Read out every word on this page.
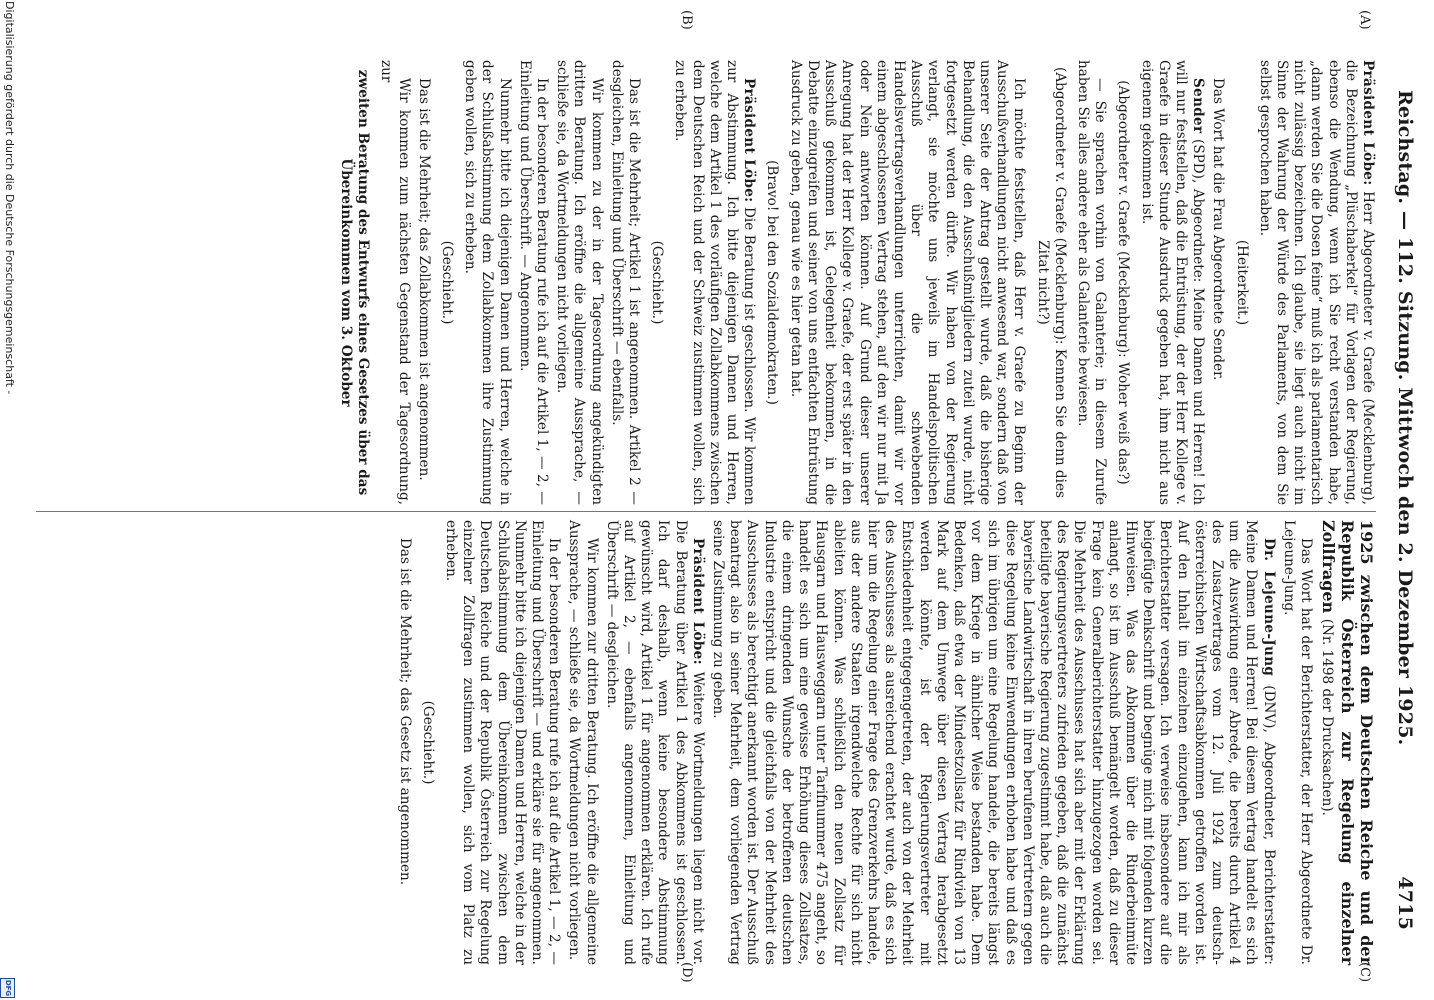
Reichstag. — 112. Sitzung. Mittwoch den 2. Dezember 1925.
4715
(A)
(B)
(C)
(D)

Präsident Löbe: Herr Abgeordneter v. Graefe (Mecklenburg), die Bezeichnung „Plüschaberkel“ für Vorlagen der Regierung, ebenso die Wendung, wenn ich Sie recht verstanden habe, „dann werden Sie die Dosen feine“ muß ich als parlamentarisch nicht zulässig bezeichnen. Ich glaube, sie liegt auch nicht im Sinne der Wahrung der Würde des Parlaments, von dem Sie selbst gesprochen haben.

(Heiterkeit.)

Das Wort hat die Frau Abgeordnete Sender.

Sender (SPD), Abgeordnete: Meine Damen und Herren! Ich will nur feststellen, daß die Entrüstung, der der Herr Kollege v. Graefe in dieser Stunde Ausdruck gegeben hat, ihm nicht aus eigenem gekommen ist.

(Abgeordneter v. Graefe (Mecklenburg): Woher weiß das?)

— Sie sprachen vorhin von Galanterie; in diesem Zurufe haben Sie alles andere eher als Galanterie bewiesen.

(Abgeordneter v. Graefe (Mecklenburg): Kennen Sie denn dies Zitat nicht?)

Ich möchte feststellen, daß Herr v. Graefe zu Beginn der Ausschußverhandlungen nicht anwesend war, sondern daß von unserer Seite der Antrag gestellt wurde, daß die bisherige Behandlung, die den Ausschußmitgliedern zuteil wurde, nicht fortgesetzt werden dürfte. Wir haben von der Regierung verlangt, sie möchte uns jeweils im Handelspolitischen Ausschuß über die schwebenden Handelsvertragsverhandlungen unterrichten, damit wir vor einem abgeschlossenen Vertrag stehen, auf den wir nur mit Ja oder Nein antworten können. Auf Grund dieser unserer Anregung hat der Herr Kollege v. Graefe, der erst später in den Ausschuß gekommen ist, Gelegenheit bekommen, in die Debatte einzugreifen und seiner von uns entfachten Entrüstung Ausdruck zu geben, genau wie es hier getan hat.

(Bravo! bei den Sozialdemokraten.)

Präsident Löbe: Die Beratung ist geschlossen. Wir kommen zur Abstimmung. Ich bitte diejenigen Damen und Herren, welche dem Artikel 1 des vorläufigen Zollabkommens zwischen dem Deutschen Reich und der Schweiz zustimmen wollen, sich zu erheben.

(Geschieht.)

Das ist die Mehrheit; Artikel 1 ist angenommen. Artikel 2 — desgleichen, Einleitung und Überschrift — ebenfalls.

Wir kommen zu der in der Tagesordnung angekündigten dritten Beratung. Ich eröffne die allgemeine Aussprache, — schließe sie, da Wortmeldungen nicht vorliegen.

In der besonderen Beratung rufe ich auf die Artikel 1, — 2, — Einleitung und Überschrift. — Angenommen.

Nunmehr bitte ich diejenigen Damen und Herren, welche in der Schlußabstimmung dem Zollabkommen ihre Zustimmung geben wollen, sich zu erheben.

(Geschieht.)

Das ist die Mehrheit; das Zollabkommen ist angenommen.

Wir kommen zum nächsten Gegenstand der Tagesordnung, zur

zweiten Beratung des Entwurfs eines Gesetzes über das Übereinkommen vom 3. Oktober

1925 zwischen dem Deutschen Reiche und der Republik Österreich zur Regelung einzelner Zollfragen (Nr. 1498 der Drucksachen).

Das Wort hat der Berichterstatter, der Herr Abgeordnete Dr. Lejeune-Jung.

Dr. Lejeune-Jung (DNV), Abgeordneter, Berichterstatter: Meine Damen und Herren! Bei diesem Vertrag handelt es sich um die Auswirkung einer Abrede, die bereits durch Artikel 4 des Zusatzvertrages vom 12. Juli 1924 zum deutsch-österreichischen Wirtschaftsabkommen getroffen worden ist. Auf den Inhalt im einzelnen einzugehen, kann ich mir als Berichterstatter versagen. Ich verweise insbesondere auf die beigefügte Denkschrift und begnüge mich mit folgenden kurzen Hinweisen. Was das Abkommen über die Rinderbeinmüte anlangt, so ist im Ausschuß bemängelt worden, daß zu dieser Frage kein Generalberichterstatter hinzugezogen worden sei. Die Mehrheit des Ausschusses hat sich aber mit der Erklärung des Regierungsvertreters zufrieden gegeben, daß die zunächst beteiligte bayerische Regierung zugestimmt habe, daß auch die bayerische Landwirtschaft in ihren berufenen Vertretern gegen diese Regelung keine Einwendungen erhoben habe und daß es sich im übrigen um eine Regelung handele, die bereits längst vor dem Kriege in ähnlicher Weise bestanden habe. Dem Bedenken, daß etwa der Mindestzollsatz für Rindvieh von 13 Mark auf dem Umwege über diesen Vertrag herabgesetzt werden könnte, ist der Regierungsvertreter mit Entschiedenheit entgegengetreten, der auch von der Mehrheit des Ausschusses als ausreichend erachtet wurde, daß es sich hier um die Regelung einer Frage des Grenzverkehrs handele, aus der andere Staaten irgendwelche Rechte für sich nicht ableiten können. Was schließlich den neuen Zollsatz für Hausgarn und Hausweggarn unter Tarifnummer 475 angeht, so handelt es sich um eine gewisse Erhöhung dieses Zollsatzes, die einem dringenden Wunsche der betroffenen deutschen Industrie entspricht und die gleichfalls von der Mehrheit des Ausschusses als berechtigt anerkannt worden ist. Der Ausschuß beantragt also in seiner Mehrheit, dem vorliegenden Vertrag seine Zustimmung zu geben.

Präsident Löbe: Weitere Wortmeldungen liegen nicht vor. Die Beratung über Artikel 1 des Abkommens ist geschlossen. Ich darf deshalb, wenn keine besondere Abstimmung gewünscht wird, Artikel 1 für angenommen erklären. Ich rufe auf Artikel 2, — ebenfalls angenommen, Einleitung und Überschrift — desgleichen.

Wir kommen zur dritten Beratung. Ich eröffne die allgemeine Aussprache, — schließe sie, da Wortmeldungen nicht vorliegen.

In der besonderen Beratung rufe ich auf die Artikel 1, — 2, — Einleitung und Überschrift — und erkläre sie für angenommen. Nunmehr bitte ich diejenigen Damen und Herren, welche in der Schlußabstimmung dem Übereinkommen zwischen dem Deutschen Reiche und der Republik Österreich zur Regelung einzelner Zollfragen zustimmen wollen, sich vom Platz zu erheben.

(Geschieht.)

Das ist die Mehrheit; das Gesetz ist angenommen.

Digitalisierung gefördert durch die Deutsche Forschungsgemeinschaft -
DFG
